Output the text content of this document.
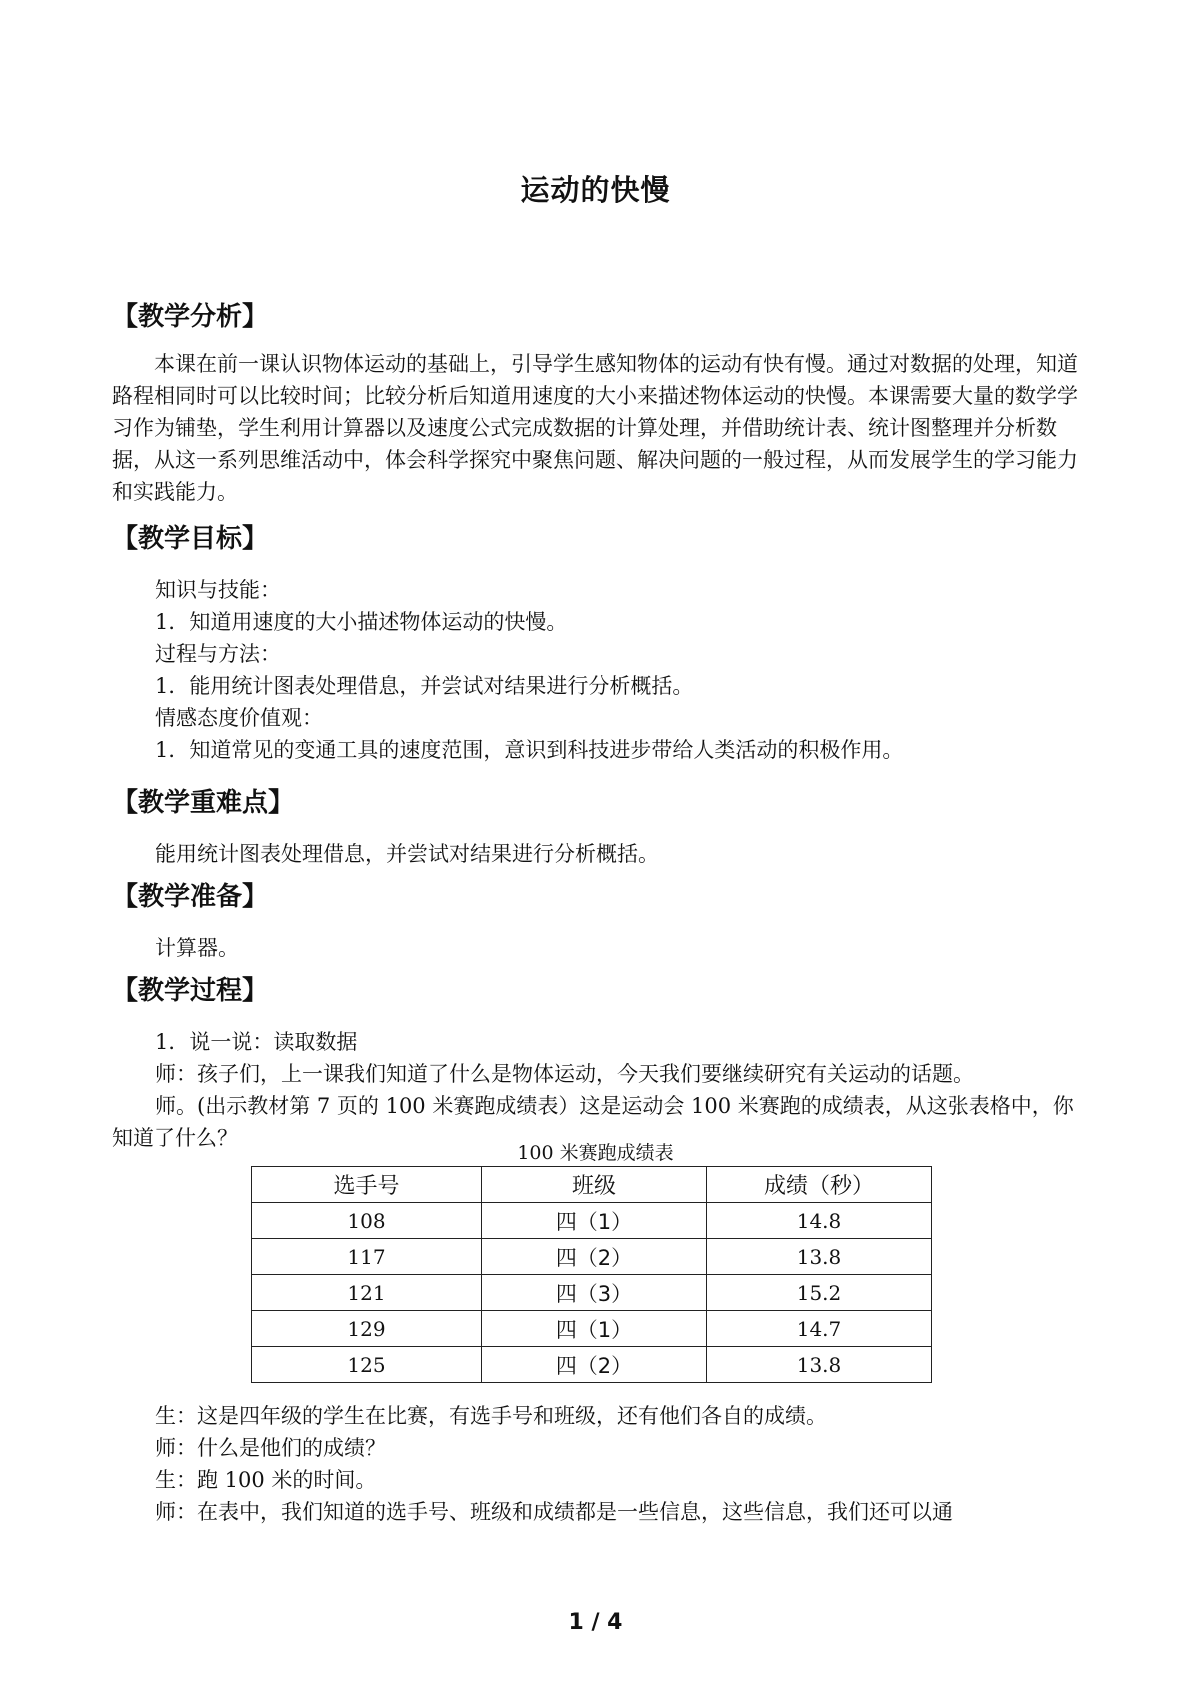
运动的快慢
【教学分析】

本课在前一课认识物体运动的基础上，引导学生感知物体的运动有快有慢。通过对数据的处理，知道路程相同时可以比较时间；比较分析后知道用速度的大小来描述物体运动的快慢。本课需要大量的数学学习作为铺垫，学生利用计算器以及速度公式完成数据的计算处理，并借助统计表、统计图整理并分析数据，从这一系列思维活动中，体会科学探究中聚焦问题、解决问题的一般过程，从而发展学生的学习能力和实践能力。

【教学目标】
知识与技能：
1．知道用速度的大小描述物体运动的快慢。
过程与方法：
1．能用统计图表处理借息，并尝试对结果进行分析概括。
情感态度价值观：
1．知道常见的变通工具的速度范围，意识到科技进步带给人类活动的积极作用。
【教学重难点】
能用统计图表处理借息，并尝试对结果进行分析概括。
【教学准备】
计算器。
【教学过程】
1．说一说：读取数据
师：孩子们，上一课我们知道了什么是物体运动，今天我们要继续研究有关运动的话题。

师。(出示教材第 7 页的 100 米赛跑成绩表）这是运动会 100 米赛跑的成绩表，从这张表格中，你知道了什么？

100 米赛跑成绩表
选手号	班级	成绩（秒）
108	四（1）	14.8
117	四（2）	13.8
121	四（3）	15.2
129	四（1）	14.7
125	四（2）	13.8
生：这是四年级的学生在比赛，有选手号和班级，还有他们各自的成绩。
师：什么是他们的成绩？
生：跑 100 米的时间。
师：在表中，我们知道的选手号、班级和成绩都是一些信息，这些信息，我们还可以通
1 / 4
